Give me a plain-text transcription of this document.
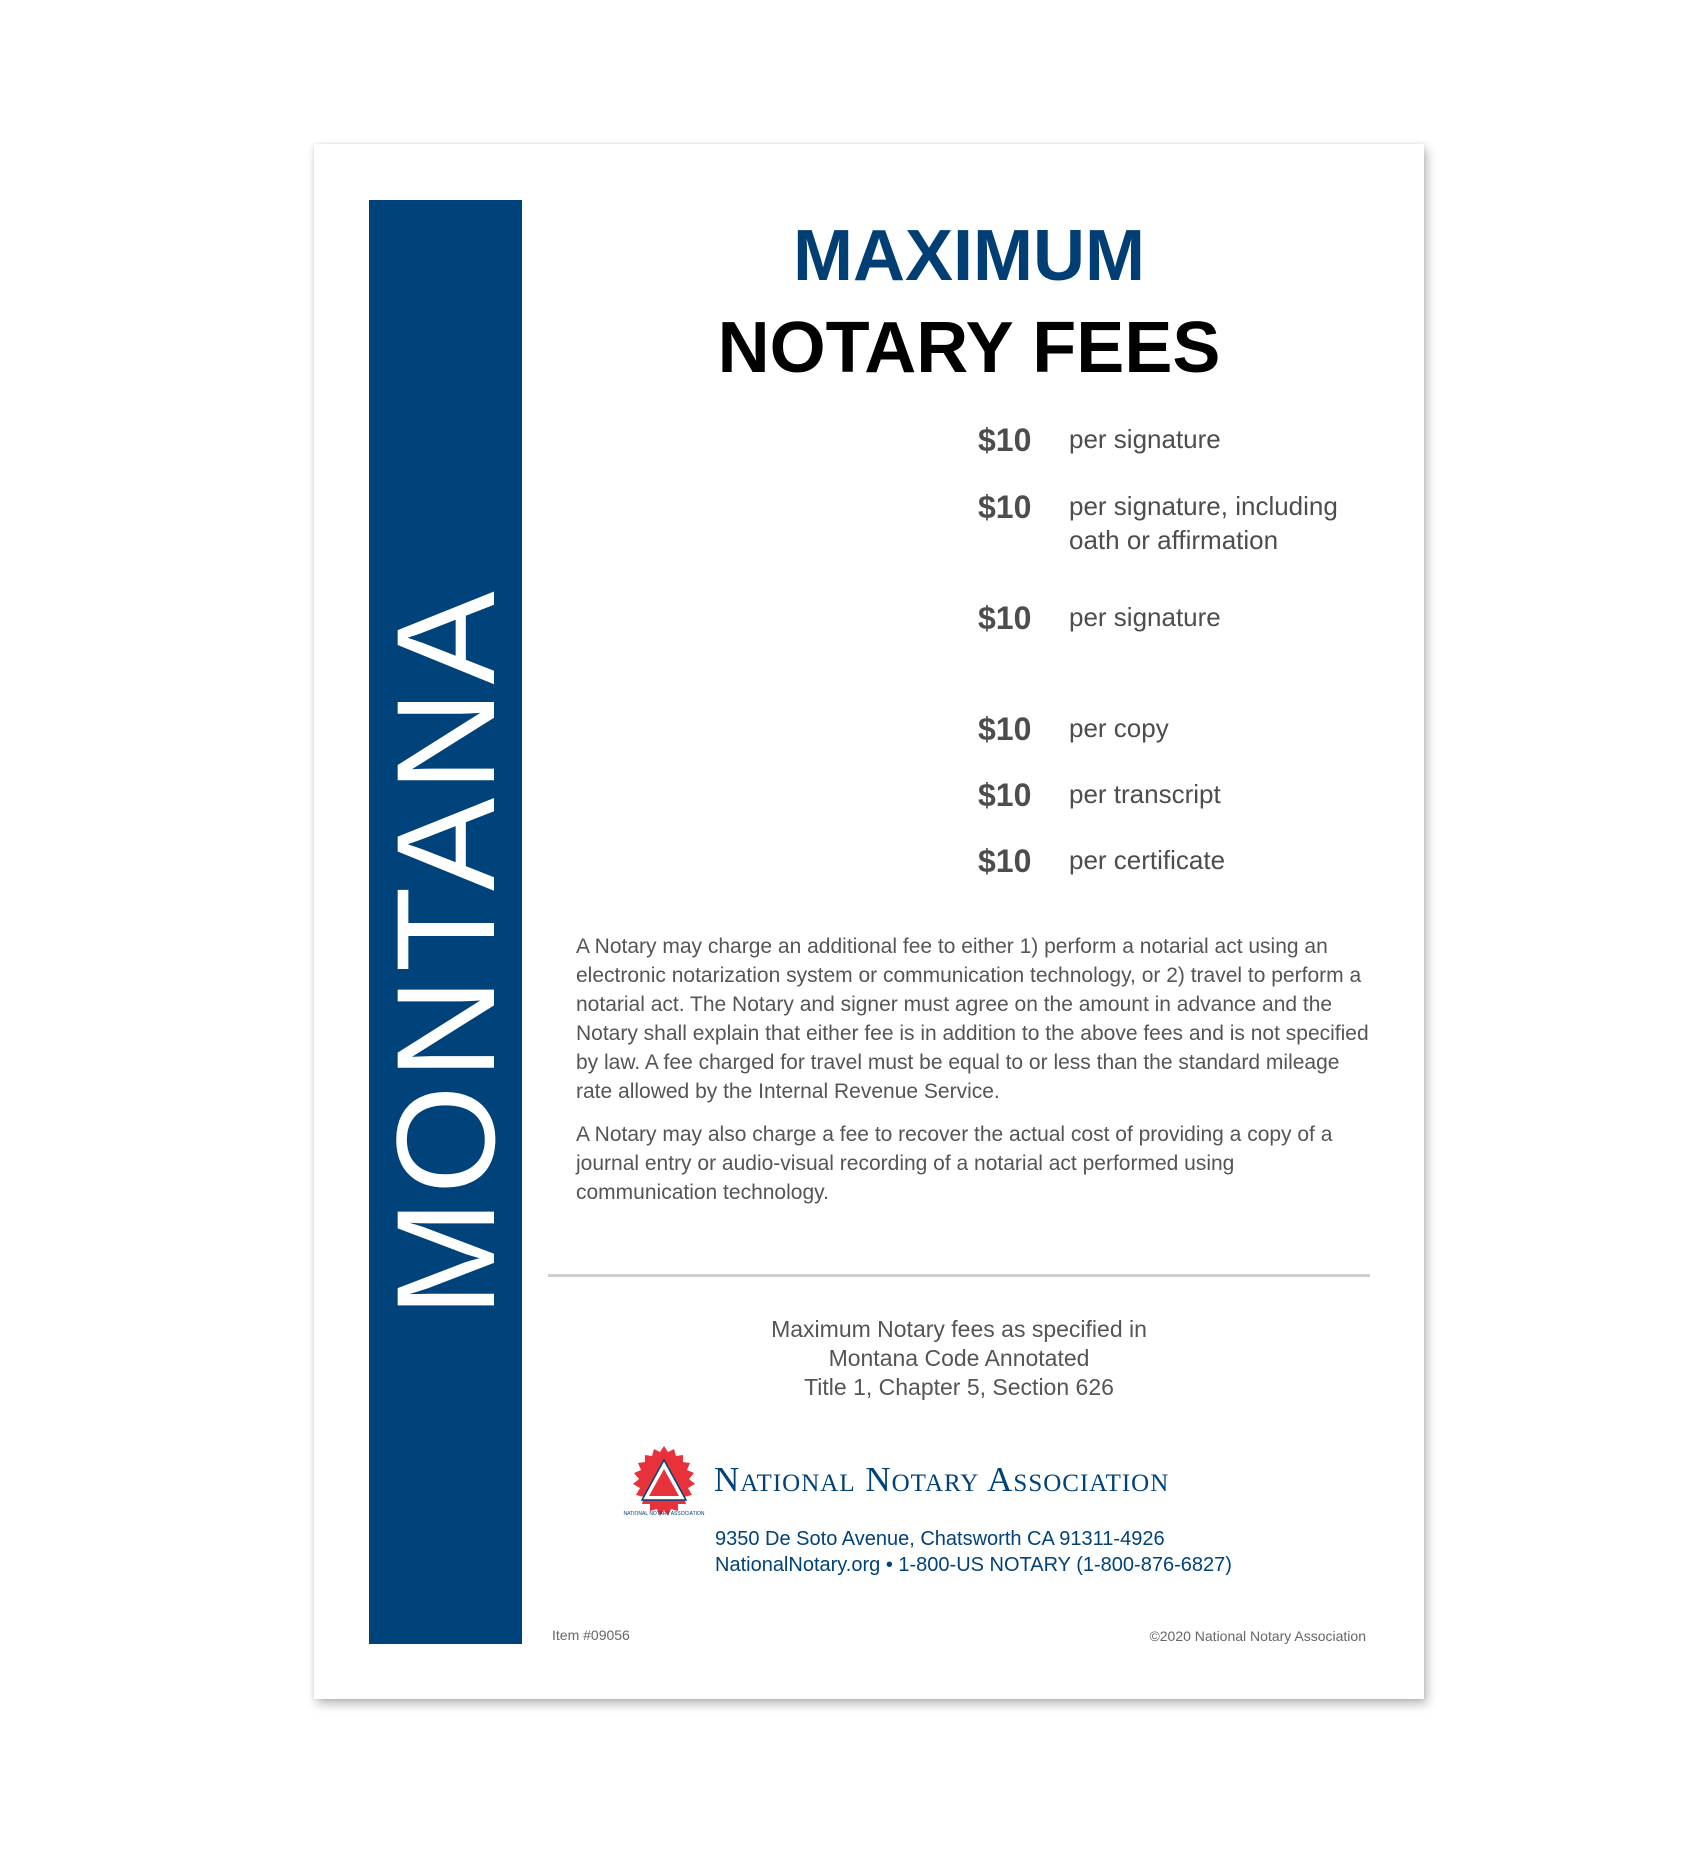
MONTANA
MAXIMUM
NOTARY FEES
$10 per signature
$10 per signature, including
oath or affirmation
$10 per signature
$10 per copy
$10 per transcript
$10 per certificate

A Notary may charge an additional fee to either 1) perform a notarial act using an electronic notarization system or communication technology, or 2) travel to perform a notarial act. The Notary and signer must agree on the amount in advance and the Notary shall explain that either fee is in addition to the above fees and is not specified by law. A fee charged for travel must be equal to or less than the standard mileage rate allowed by the Internal Revenue Service.

A Notary may also charge a fee to recover the actual cost of providing a copy of a journal entry or audio-visual recording of a notarial act performed using communication technology.

Maximum Notary fees as specified in
Montana Code Annotated
Title 1, Chapter 5, Section 626
NATIONAL NOTARY ASSOCIATION
National Notary Association
9350 De Soto Avenue, Chatsworth CA 91311-4926
NationalNotary.org • 1-800-US NOTARY (1-800-876-6827)
Item #09056	©2020 National Notary Association
